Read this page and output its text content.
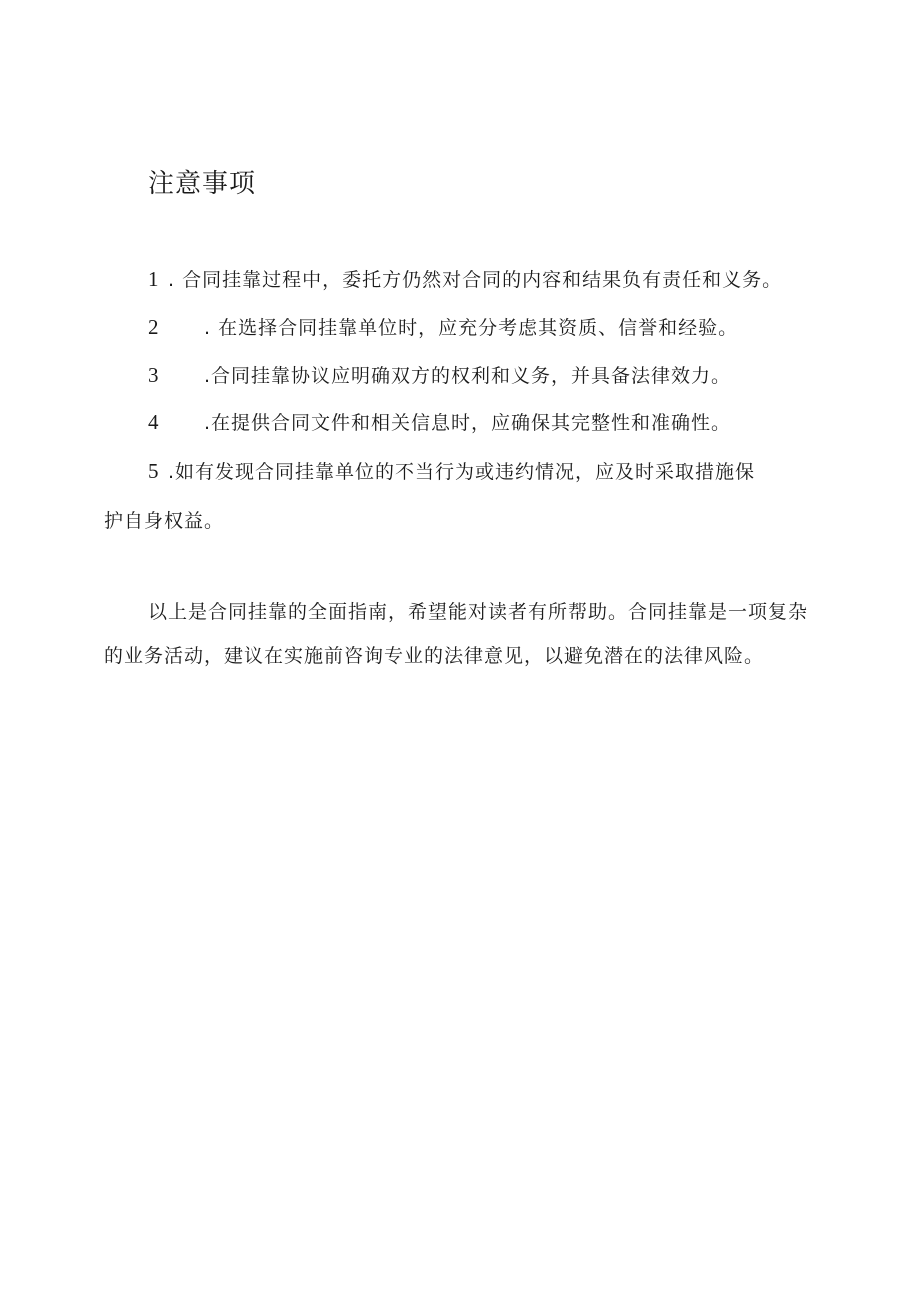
注意事项
1 . 合同挂靠过程中，委托方仍然对合同的内容和结果负有责任和义务。
2 . 在选择合同挂靠单位时，应充分考虑其资质、信誉和经验。
3 .合同挂靠协议应明确双方的权利和义务，并具备法律效力。
4 .在提供合同文件和相关信息时，应确保其完整性和准确性。
5 .如有发现合同挂靠单位的不当行为或违约情况，应及时采取措施保
护自身权益。
以上是合同挂靠的全面指南，希望能对读者有所帮助。合同挂靠是一项复杂的业务活动，建议在实施前咨询专业的法律意见，以避免潜在的法律风险。
